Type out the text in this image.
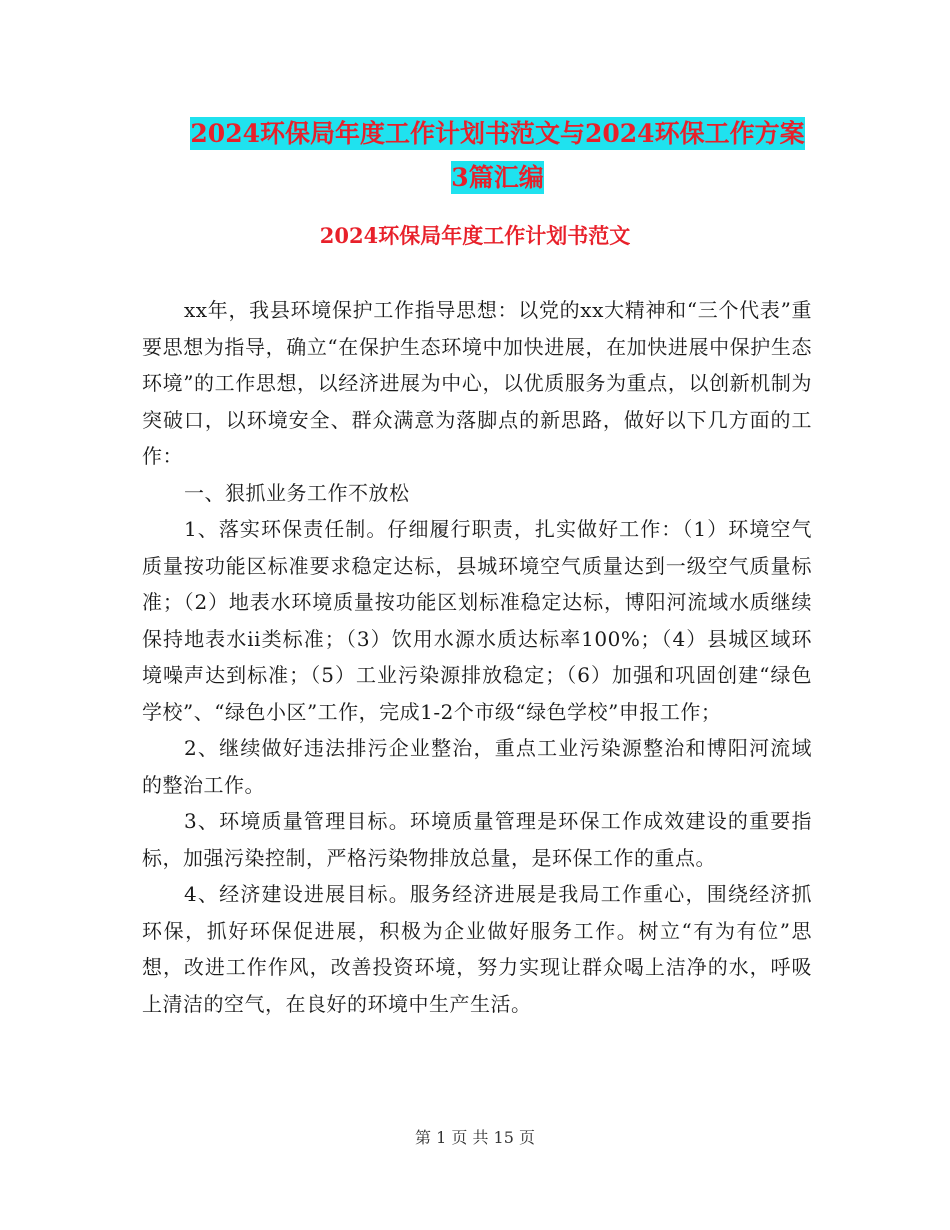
2024环保局年度工作计划书范文与2024环保工作方案
3篇汇编
2024环保局年度工作计划书范文

xx年，我县环境保护工作指导思想：以党的xx大精神和“三个代表”重要思想为指导，确立“在保护生态环境中加快进展，在加快进展中保护生态环境”的工作思想，以经济进展为中心，以优质服务为重点，以创新机制为突破口，以环境安全、群众满意为落脚点的新思路，做好以下几方面的工作：

一、狠抓业务工作不放松

1、落实环保责任制。仔细履行职责，扎实做好工作：（1）环境空气质量按功能区标准要求稳定达标，县城环境空气质量达到一级空气质量标准；（2）地表水环境质量按功能区划标准稳定达标，博阳河流域水质继续保持地表水ii类标准；（3）饮用水源水质达标率100%；（4）县城区域环境噪声达到标准；（5）工业污染源排放稳定；（6）加强和巩固创建“绿色学校”、“绿色小区”工作，完成1-2个市级“绿色学校”申报工作；

2、继续做好违法排污企业整治，重点工业污染源整治和博阳河流域的整治工作。

3、环境质量管理目标。环境质量管理是环保工作成效建设的重要指标，加强污染控制，严格污染物排放总量，是环保工作的重点。

4、经济建设进展目标。服务经济进展是我局工作重心，围绕经济抓环保，抓好环保促进展，积极为企业做好服务工作。树立“有为有位”思想，改进工作作风，改善投资环境，努力实现让群众喝上洁净的水，呼吸上清洁的空气，在良好的环境中生产生活。

第 1 页 共 15 页
